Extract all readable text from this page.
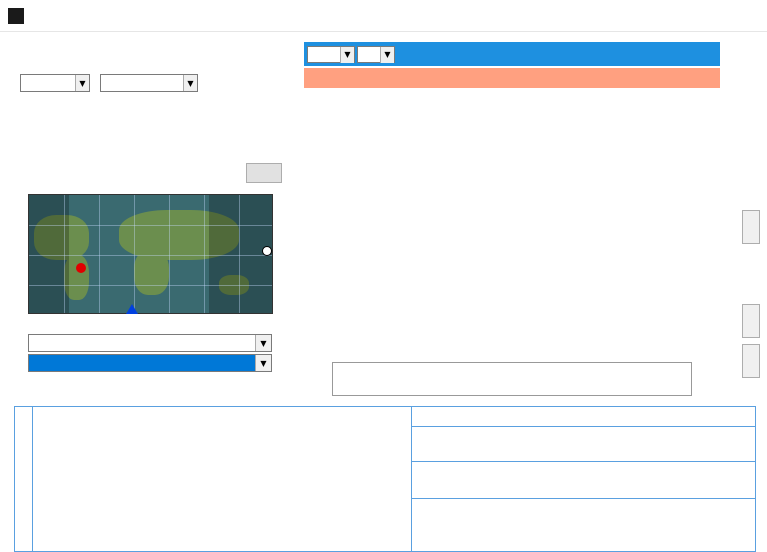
▼	▼
▼
▼
▼	▼
